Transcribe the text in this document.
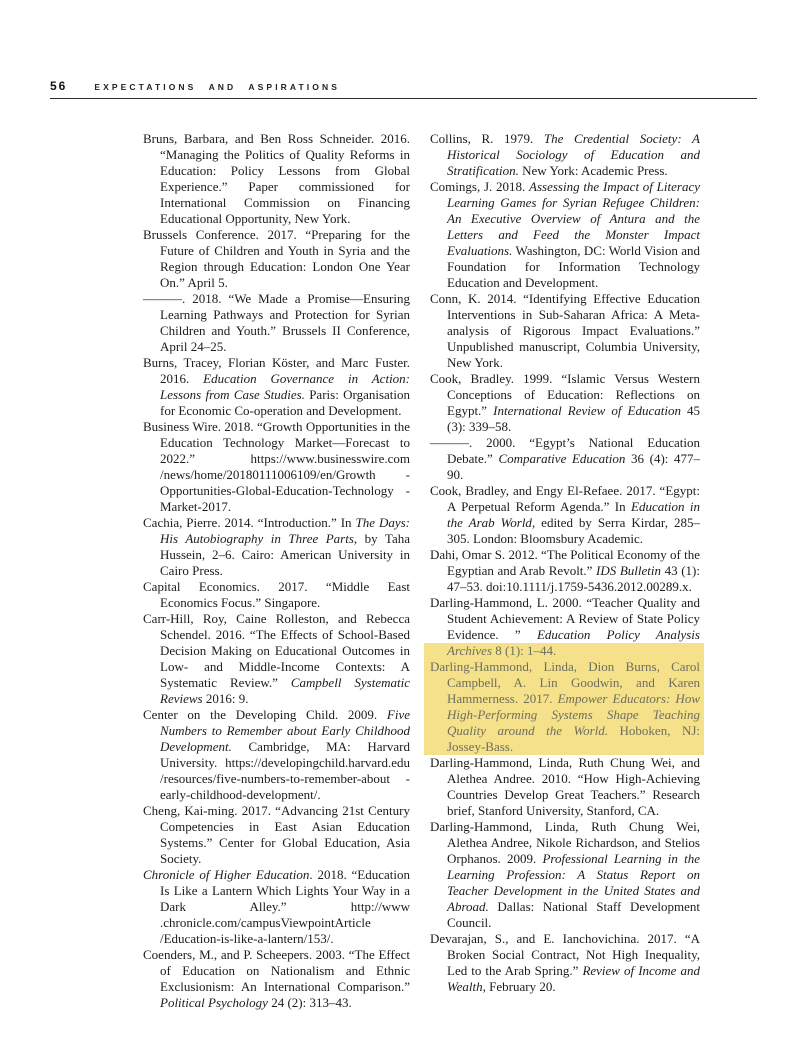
56	EXPECTATIONS AND ASPIRATIONS
Bruns, Barbara, and Ben Ross Schneider. 2016. “Managing the Politics of Quality Reforms in Education: Policy Lessons from Global Experience.” Paper commissioned for International Commission on Financing Educational Opportunity, New York.
Brussels Conference. 2017. “Preparing for the Future of Children and Youth in Syria and the Region through Education: London One Year On.” April 5.
———. 2018. “We Made a Promise—Ensuring Learning Pathways and Protection for Syrian Children and Youth.” Brussels II Conference, April 24–25.
Burns, Tracey, Florian Köster, and Marc Fuster. 2016. Education Governance in Action: Lessons from Case Studies. Paris: Organisation for Economic Co-operation and Development.
Business Wire. 2018. “Growth Opportunities in the Education Technology Market—Forecast to 2022.” https://www.businesswire.com /news/home/20180111006109/en/Growth -Opportunities-Global-Education-Technology -Market-2017.
Cachia, Pierre. 2014. “Introduction.” In The Days: His Autobiography in Three Parts, by Taha Hussein, 2–6. Cairo: American University in Cairo Press.
Capital Economics. 2017. “Middle East Economics Focus.” Singapore.
Carr-Hill, Roy, Caine Rolleston, and Rebecca Schendel. 2016. “The Effects of School-Based Decision Making on Educational Outcomes in Low- and Middle-Income Contexts: A Systematic Review.” Campbell Systematic Reviews 2016: 9.
Center on the Developing Child. 2009. Five Numbers to Remember about Early Childhood Development. Cambridge, MA: Harvard University. https://developingchild.harvard.edu /resources/five-numbers-to-remember-about -early-childhood-development/.
Cheng, Kai-ming. 2017. “Advancing 21st Century Competencies in East Asian Education Systems.” Center for Global Education, Asia Society.
Chronicle of Higher Education. 2018. “Education Is Like a Lantern Which Lights Your Way in a Dark Alley.” http://www .chronicle.com/campusViewpointArticle /Education-is-like-a-lantern/153/.
Coenders, M., and P. Scheepers. 2003. “The Effect of Education on Nationalism and Ethnic Exclusionism: An International Comparison.” Political Psychology 24 (2): 313–43.
Collins, R. 1979. The Credential Society: A Historical Sociology of Education and Stratification. New York: Academic Press.
Comings, J. 2018. Assessing the Impact of Literacy Learning Games for Syrian Refugee Children: An Executive Overview of Antura and the Letters and Feed the Monster Impact Evaluations. Washington, DC: World Vision and Foundation for Information Technology Education and Development.
Conn, K. 2014. “Identifying Effective Education Interventions in Sub-Saharan Africa: A Meta-analysis of Rigorous Impact Evaluations.” Unpublished manuscript, Columbia University, New York.
Cook, Bradley. 1999. “Islamic Versus Western Conceptions of Education: Reflections on Egypt.” International Review of Education 45 (3): 339–58.
———. 2000. “Egypt’s National Education Debate.” Comparative Education 36 (4): 477–90.
Cook, Bradley, and Engy El-Refaee. 2017. “Egypt: A Perpetual Reform Agenda.” In Education in the Arab World, edited by Serra Kirdar, 285–305. London: Bloomsbury Academic.
Dahi, Omar S. 2012. “The Political Economy of the Egyptian and Arab Revolt.” IDS Bulletin 43 (1): 47–53. doi:10.1111/j.1759-5436.2012.00289.x.
Darling-Hammond, L. 2000. “Teacher Quality and Student Achievement: A Review of State Policy Evidence. ” Education Policy Analysis
Archives 8 (1): 1–44.
Darling-Hammond, Linda, Dion Burns, Carol Campbell, A. Lin Goodwin, and Karen Hammerness. 2017. Empower Educators: How High-Performing Systems Shape Teaching Quality around the World. Hoboken, NJ: Jossey-Bass.
Darling-Hammond, Linda, Ruth Chung Wei, and Alethea Andree. 2010. “How High-Achieving Countries Develop Great Teachers.” Research brief, Stanford University, Stanford, CA.
Darling-Hammond, Linda, Ruth Chung Wei, Alethea Andree, Nikole Richardson, and Stelios Orphanos. 2009. Professional Learning in the Learning Profession: A Status Report on Teacher Development in the United States and Abroad. Dallas: National Staff Development Council.
Devarajan, S., and E. Ianchovichina. 2017. “A Broken Social Contract, Not High Inequality, Led to the Arab Spring.” Review of Income and Wealth, February 20.
